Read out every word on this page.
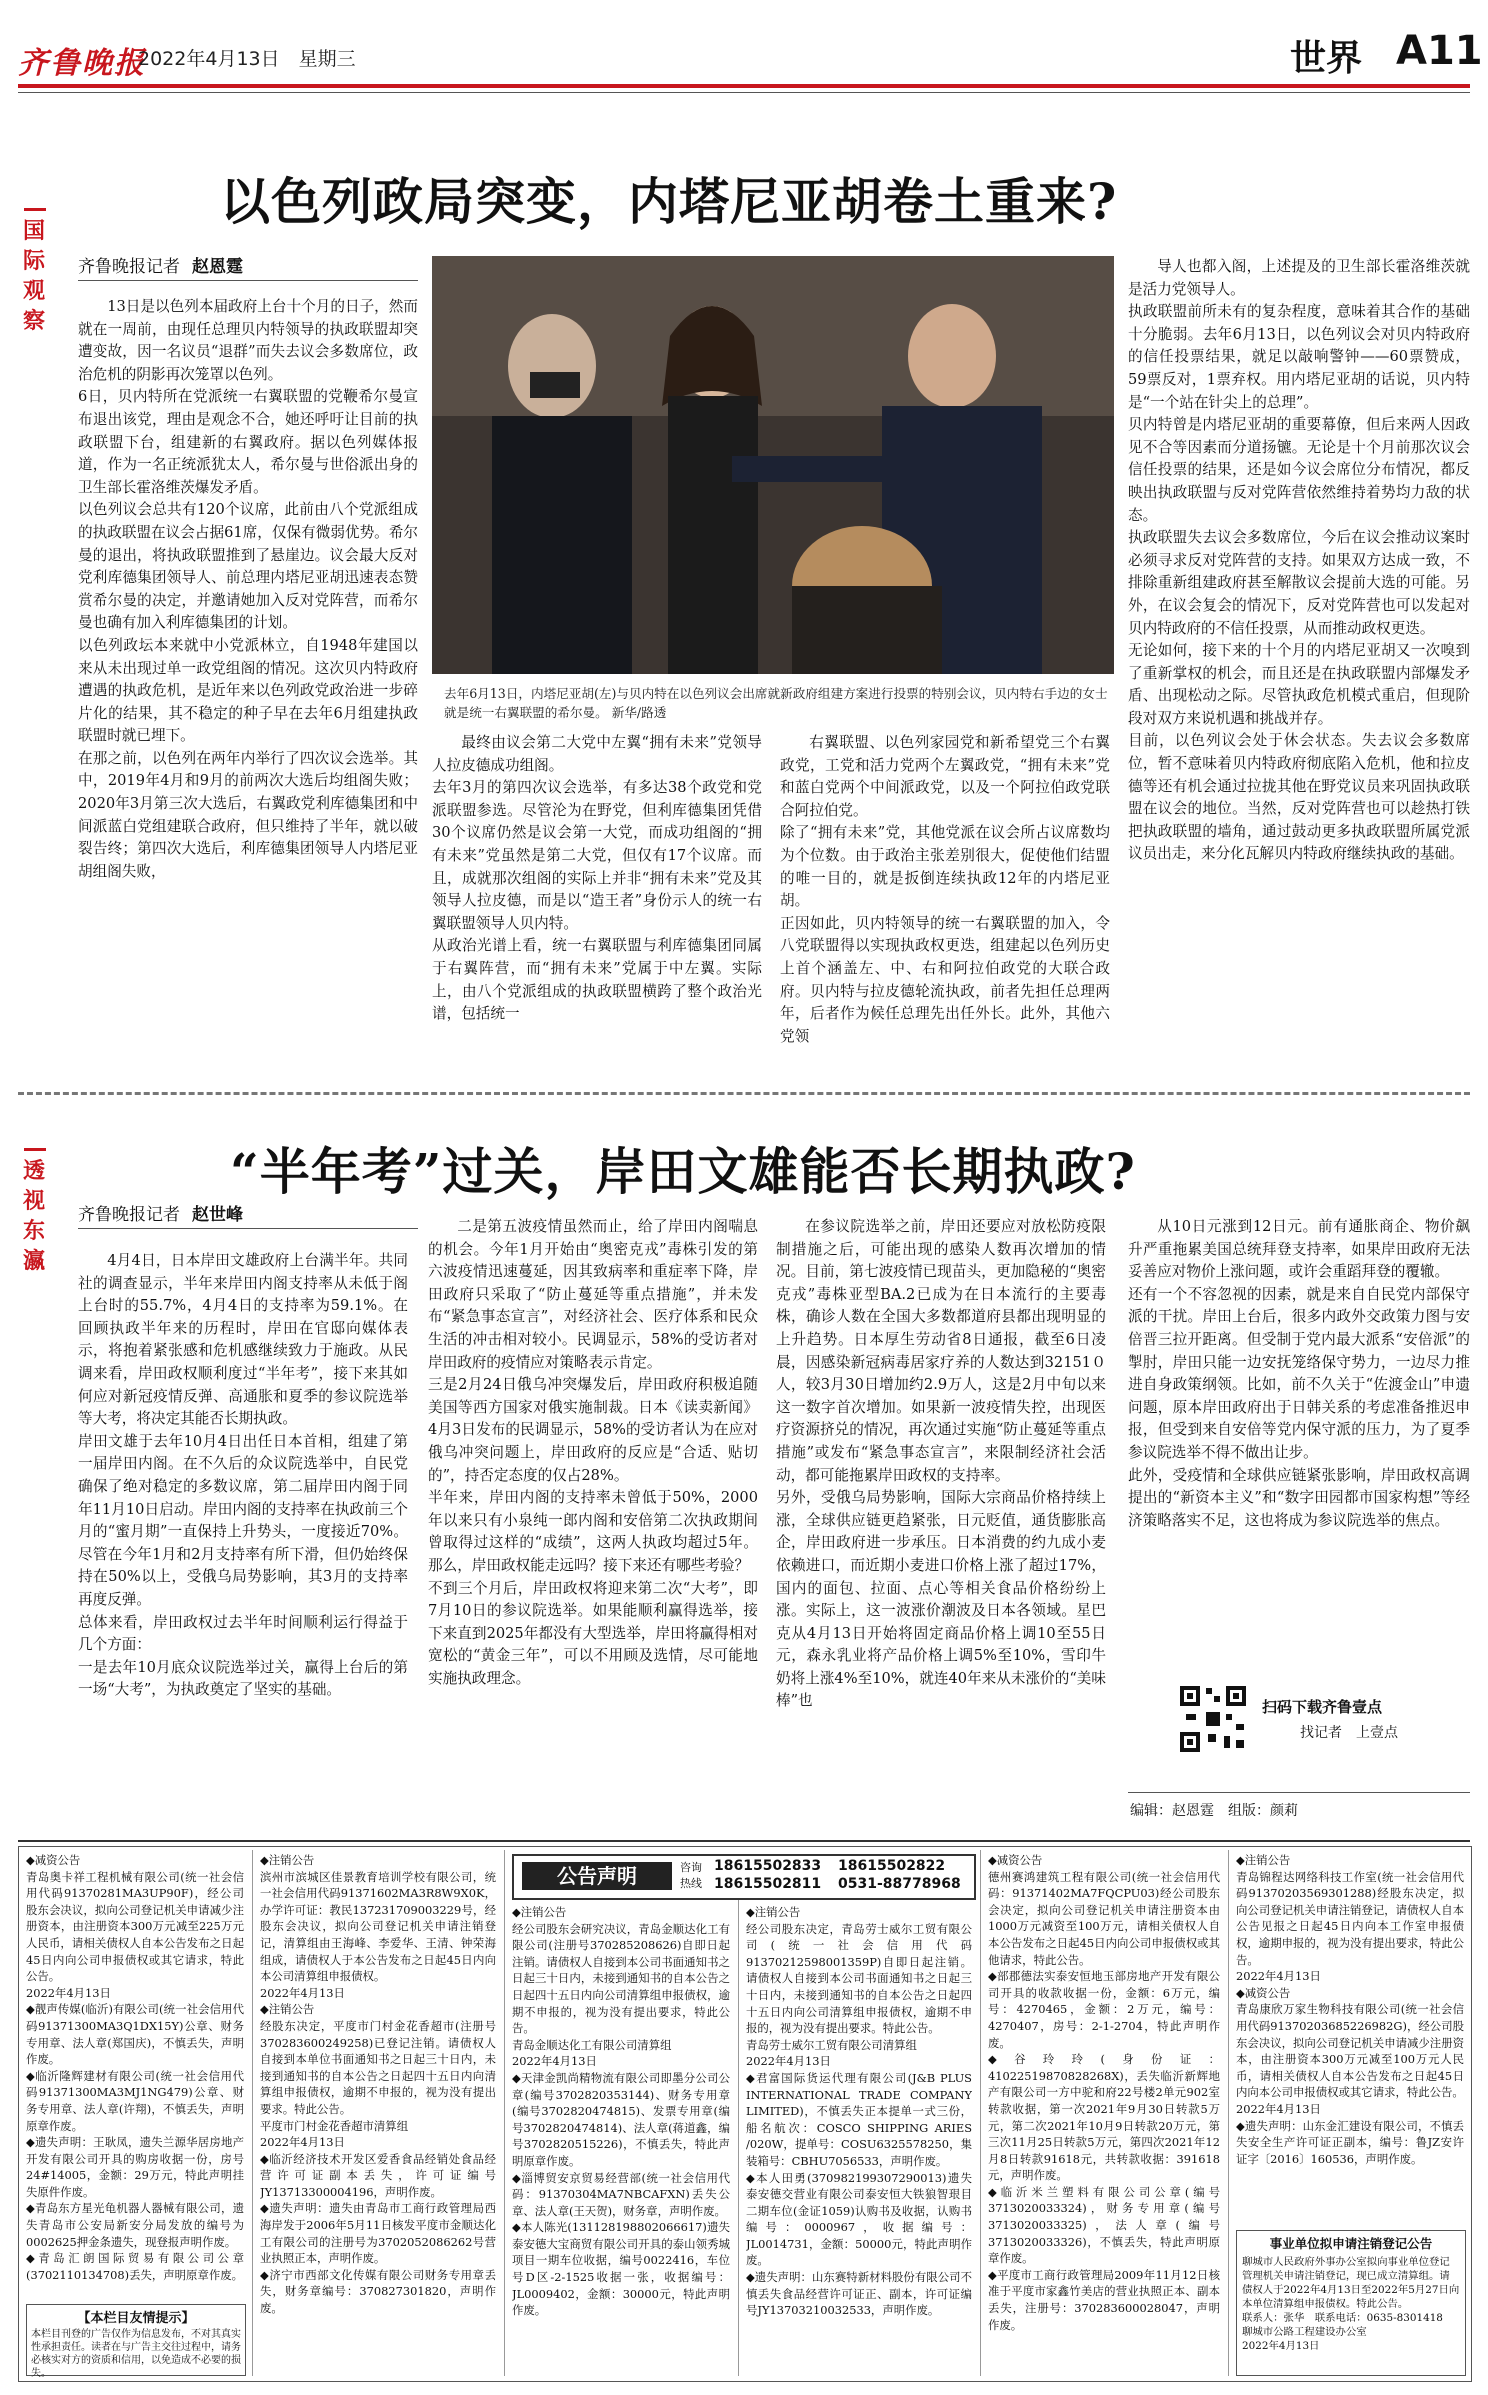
齐鲁晚报
2022年4月13日　星期三	世界 A11
国际观察
以色列政局突变，内塔尼亚胡卷土重来?
齐鲁晚报记者 赵恩霆
13日是以色列本届政府上台十个月的日子，然而就在一周前，由现任总理贝内特领导的执政联盟却突遭变故，因一名议员“退群”而失去议会多数席位，政治危机的阴影再次笼罩以色列。
6日，贝内特所在党派统一右翼联盟的党鞭希尔曼宣布退出该党，理由是观念不合，她还呼吁让目前的执政联盟下台，组建新的右翼政府。据以色列媒体报道，作为一名正统派犹太人，希尔曼与世俗派出身的卫生部长霍洛维茨爆发矛盾。
以色列议会总共有120个议席，此前由八个党派组成的执政联盟在议会占据61席，仅保有微弱优势。希尔曼的退出，将执政联盟推到了悬崖边。议会最大反对党利库德集团领导人、前总理内塔尼亚胡迅速表态赞赏希尔曼的决定，并邀请她加入反对党阵营，而希尔曼也确有加入利库德集团的计划。
以色列政坛本来就中小党派林立，自1948年建国以来从未出现过单一政党组阁的情况。这次贝内特政府遭遇的执政危机，是近年来以色列政党政治进一步碎片化的结果，其不稳定的种子早在去年6月组建执政联盟时就已埋下。
在那之前，以色列在两年内举行了四次议会选举。其中，2019年4月和9月的前两次大选后均组阁失败；2020年3月第三次大选后，右翼政党利库德集团和中间派蓝白党组建联合政府，但只维持了半年，就以破裂告终；第四次大选后，利库德集团领导人内塔尼亚胡组阁失败，
去年6月13日，内塔尼亚胡(左)与贝内特在以色列议会出席就新政府组建方案进行投票的特别会议，贝内特右手边的女士就是统一右翼联盟的希尔曼。 新华/路透
最终由议会第二大党中左翼“拥有未来”党领导人拉皮德成功组阁。
去年3月的第四次议会选举，有多达38个政党和党派联盟参选。尽管沦为在野党，但利库德集团凭借30个议席仍然是议会第一大党，而成功组阁的“拥有未来”党虽然是第二大党，但仅有17个议席。而且，成就那次组阁的实际上并非“拥有未来”党及其领导人拉皮德，而是以“造王者”身份示人的统一右翼联盟领导人贝内特。
从政治光谱上看，统一右翼联盟与利库德集团同属于右翼阵营，而“拥有未来”党属于中左翼。实际上，由八个党派组成的执政联盟横跨了整个政治光谱，包括统一
右翼联盟、以色列家园党和新希望党三个右翼政党，工党和活力党两个左翼政党，“拥有未来”党和蓝白党两个中间派政党，以及一个阿拉伯政党联合阿拉伯党。
除了“拥有未来”党，其他党派在议会所占议席数均为个位数。由于政治主张差别很大，促使他们结盟的唯一目的，就是扳倒连续执政12年的内塔尼亚胡。
正因如此，贝内特领导的统一右翼联盟的加入，令八党联盟得以实现执政权更迭，组建起以色列历史上首个涵盖左、中、右和阿拉伯政党的大联合政府。贝内特与拉皮德轮流执政，前者先担任总理两年，后者作为候任总理先出任外长。此外，其他六党领
导人也都入阁，上述提及的卫生部长霍洛维茨就是活力党领导人。
执政联盟前所未有的复杂程度，意味着其合作的基础十分脆弱。去年6月13日，以色列议会对贝内特政府的信任投票结果，就足以敲响警钟——60票赞成，59票反对，1票弃权。用内塔尼亚胡的话说，贝内特是“一个站在针尖上的总理”。
贝内特曾是内塔尼亚胡的重要幕僚，但后来两人因政见不合等因素而分道扬镳。无论是十个月前那次议会信任投票的结果，还是如今议会席位分布情况，都反映出执政联盟与反对党阵营依然维持着势均力敌的状态。
执政联盟失去议会多数席位，今后在议会推动议案时必须寻求反对党阵营的支持。如果双方达成一致，不排除重新组建政府甚至解散议会提前大选的可能。另外，在议会复会的情况下，反对党阵营也可以发起对贝内特政府的不信任投票，从而推动政权更迭。
无论如何，接下来的十个月的内塔尼亚胡又一次嗅到了重新掌权的机会，而且还是在执政联盟内部爆发矛盾、出现松动之际。尽管执政危机模式重启，但现阶段对双方来说机遇和挑战并存。
目前，以色列议会处于休会状态。失去议会多数席位，暂不意味着贝内特政府彻底陷入危机，他和拉皮德等还有机会通过拉拢其他在野党议员来巩固执政联盟在议会的地位。当然，反对党阵营也可以趁热打铁把执政联盟的墙角，通过鼓动更多执政联盟所属党派议员出走，来分化瓦解贝内特政府继续执政的基础。
透视东瀛
“半年考”过关，岸田文雄能否长期执政?
齐鲁晚报记者 赵世峰
4月4日，日本岸田文雄政府上台满半年。共同社的调查显示，半年来岸田内阁支持率从未低于阁上台时的55.7%，4月4日的支持率为59.1%。在回顾执政半年来的历程时，岸田在官邸向媒体表示，将抱着紧张感和危机感继续致力于施政。从民调来看，岸田政权顺利度过“半年考”，接下来其如何应对新冠疫情反弹、高通胀和夏季的参议院选举等大考，将决定其能否长期执政。
岸田文雄于去年10月4日出任日本首相，组建了第一届岸田内阁。在不久后的众议院选举中，自民党确保了绝对稳定的多数议席，第二届岸田内阁于同年11月10日启动。岸田内阁的支持率在执政前三个月的“蜜月期”一直保持上升势头，一度接近70%。尽管在今年1月和2月支持率有所下滑，但仍始终保持在50%以上，受俄乌局势影响，其3月的支持率再度反弹。
总体来看，岸田政权过去半年时间顺利运行得益于几个方面：
一是去年10月底众议院选举过关，赢得上台后的第一场“大考”，为执政奠定了坚实的基础。
二是第五波疫情虽然而止，给了岸田内阁喘息的机会。今年1月开始由“奥密克戎”毒株引发的第六波疫情迅速蔓延，因其致病率和重症率下降，岸田政府只采取了“防止蔓延等重点措施”，并未发布“紧急事态宣言”，对经济社会、医疗体系和民众生活的冲击相对较小。民调显示，58%的受访者对岸田政府的疫情应对策略表示肯定。
三是2月24日俄乌冲突爆发后，岸田政府积极追随美国等西方国家对俄实施制裁。日本《读卖新闻》4月3日发布的民调显示，58%的受访者认为在应对俄乌冲突问题上，岸田政府的反应是“合适、贴切的”，持否定态度的仅占28%。
半年来，岸田内阁的支持率未曾低于50%，2000年以来只有小泉纯一郎内阁和安倍第二次执政期间曾取得过这样的“成绩”，这两人执政均超过5年。那么，岸田政权能走远吗？接下来还有哪些考验？
不到三个月后，岸田政权将迎来第二次“大考”，即7月10日的参议院选举。如果能顺利赢得选举，接下来直到2025年都没有大型选举，岸田将赢得相对宽松的“黄金三年”，可以不用顾及选情，尽可能地实施执政理念。
在参议院选举之前，岸田还要应对放松防疫限制措施之后，可能出现的感染人数再次增加的情况。目前，第七波疫情已现苗头，更加隐秘的“奥密克戎”毒株亚型BA.2已成为在日本流行的主要毒株，确诊人数在全国大多数都道府县都出现明显的上升趋势。日本厚生劳动省8日通报，截至6日凌晨，因感染新冠病毒居家疗养的人数达到32151０人，较3月30日增加约2.9万人，这是2月中旬以来这一数字首次增加。如果新一波疫情失控，出现医疗资源挤兑的情况，再次通过实施“防止蔓延等重点措施”或发布“紧急事态宣言”，来限制经济社会活动，都可能拖累岸田政权的支持率。
另外，受俄乌局势影响，国际大宗商品价格持续上涨，全球供应链更趋紧张，日元贬值，通货膨胀高企，岸田政府进一步承压。日本消费的约九成小麦依赖进口，而近期小麦进口价格上涨了超过17%，国内的面包、拉面、点心等相关食品价格纷纷上涨。实际上，这一波涨价潮波及日本各领域。星巴克从4月13日开始将固定商品价格上调10至55日元，森永乳业将产品价格上调5%至10%，雪印牛奶将上涨4%至10%，就连40年来从未涨价的“美味棒”也
从10日元涨到12日元。前有通胀商企、物价飙升严重拖累美国总统拜登支持率，如果岸田政府无法妥善应对物价上涨问题，或许会重蹈拜登的覆辙。
还有一个不容忽视的因素，就是来自自民党内部保守派的干扰。岸田上台后，很多内政外交政策力图与安倍晋三拉开距离。但受制于党内最大派系“安倍派”的掣肘，岸田只能一边安抚笼络保守势力，一边尽力推进自身政策纲领。比如，前不久关于“佐渡金山”申遗问题，原本岸田政府出于日韩关系的考虑准备推迟申报，但受到来自安倍等党内保守派的压力，为了夏季参议院选举不得不做出让步。
此外，受疫情和全球供应链紧张影响，岸田政权高调提出的“新资本主义”和“数字田园都市国家构想”等经济策略落实不足，这也将成为参议院选举的焦点。
扫码下载齐鲁壹点
找记者　上壹点
编辑：赵恩霆　组版：颜莉
◆减资公告
青岛奥卡祥工程机械有限公司(统一社会信用代码91370281MA3UP90F)，经公司股东会决议，拟向公司登记机关申请减少注册资本，由注册资本300万元减至225万元人民币，请相关债权人自本公告发布之日起45日内向公司申报债权或其它请求，特此公告。
2022年4月13日
◆靓声传媒(临沂)有限公司(统一社会信用代码91371300MA3Q1DX15Y)公章、财务专用章、法人章(郑国庆)，不慎丢失，声明作废。
◆临沂隆辉建材有限公司(统一社会信用代码91371300MA3MJ1NG479)公章、财务专用章、法人章(许翔)，不慎丢失，声明原章作废。
◆遗失声明：王耿凤，遗失兰源华居房地产开发有限公司开具的购房收据一份，房号24#14005，金额：29万元，特此声明挂失原件作废。
◆青岛东方星光龟机器人器械有限公司，遗失青岛市公安局新安分局发放的编号为0002625押金条遗失，现登报声明作废。
◆青岛汇朗国际贸易有限公司公章(3702110134708)丢失，声明原章作废。
【本栏目友情提示】
本栏目刊登的广告仅作为信息发布，不对其真实性承担责任。读者在与广告主交往过程中，请务必核实对方的资质和信用，以免造成不必要的损失。
◆注销公告
滨州市滨城区佳景教育培训学校有限公司，统一社会信用代码91371602MA3R8W9X0K，办学许可证：教民137231709003229号，经股东会决议，拟向公司登记机关申请注销登记，清算组由王海峰、李爱华、王清、钟荣海组成，请债权人于本公告发布之日起45日内向本公司清算组申报债权。
2022年4月13日
◆注销公告
经股东决定，平度市门村金花香超市(注册号370283600249258)已登记注销。请债权人自接到本单位书面通知书之日起三十日内，未接到通知书的自本公告之日起四十五日内向清算组申报债权，逾期不申报的，视为没有提出要求。特此公告。
平度市门村金花香超市清算组
2022年4月13日
◆临沂经济技术开发区爱香食品经销处食品经营许可证副本丢失，许可证编号JY13713300004196，声明作废。
◆遗失声明：遗失由青岛市工商行政管理局西海岸发于2006年5月11日核发平度市金顺达化工有限公司的注册号为3702052086262号营业执照正本，声明作废。
◆济宁市西部文化传媒有限公司财务专用章丢失，财务章编号：370827301820，声明作废。
公告声明	咨询热线
18615502833 18615502822
18615502811 0531-88778968
◆注销公告
经公司股东会研究决议，青岛金顺达化工有限公司(注册号370285208626)自即日起注销。请债权人自接到本公司书面通知书之日起三十日内，未接到通知书的自本公告之日起四十五日内向公司清算组申报债权，逾期不申报的，视为没有提出要求，特此公告。
青岛金顺达化工有限公司清算组
2022年4月13日
◆天津金凯尚精物流有限公司即墨分公司公章(编号3702820353144)、财务专用章(编号3702820474815)、发票专用章(编号3702820474814)、法人章(蒋道鑫，编号3702820515226)，不慎丢失，特此声明原章作废。
◆淄博贸安京贸易经营部(统一社会信用代码：91370304MA7NBCAFXN)丢失公章、法人章(王天贺)，财务章，声明作废。
◆本人陈光(131128198802066617)遗失泰安德大宝商贸有限公司开具的泰山领秀城项目一期车位收据，编号0022416，车位号D区-2-1525收据一张，收据编号：JL0009402，金额：30000元，特此声明作废。
◆注销公告
经公司股东决定，青岛劳士威尔工贸有限公司(统一社会信用代码91370212598001359P)自即日起注销。请债权人自接到本公司书面通知书之日起三十日内，未接到通知书的自本公告之日起四十五日内向公司清算组申报债权，逾期不申报的，视为没有提出要求。特此公告。
青岛劳士威尔工贸有限公司清算组
2022年4月13日
◆君富国际货运代理有限公司(J&B PLUS INTERNATIONAL TRADE COMPANY LIMITED)，不慎丢失正本提单一式三份，船名航次：COSCO SHIPPING ARIES /020W，提单号：COSU6325578250，集装箱号：CBHU7056533，声明作废。
◆本人田勇(370982199307290013)遗失泰安德交营业有限公司泰安恒大铁狼智珢目二期车位(金证1059)认购书及收据，认购书编号：0000967，收据编号：JL0014731，金额：50000元，特此声明作废。
◆遗失声明：山东赛特新材料股份有限公司不慎丢失食品经营许可证正、副本，许可证编号JY13703210032533，声明作废。
◆减资公告
德州赛鸿建筑工程有限公司(统一社会信用代码：91371402MA7FQCPU03)经公司股东会决定，拟向公司登记机关申请注册资本由1000万元减资至100万元，请相关债权人自本公告发布之日起45日内向公司申报债权或其他请求，特此公告。
◆部郡德法实泰安恒地玉部房地产开发有限公司开具的收款收据一份，金额：6万元，编号：4270465，金额：2万元，编号：4270407，房号：2-1-2704，特此声明作废。
◆谷玲玲(身份证：41022519870828268X)，丢失临沂新辉地产有限公司一方中驼和府22号楼2单元902室转款收据，第一次2021年9月30日转款5万元，第二次2021年10月9日转款20万元，第三次11月25日转款5万元，第四次2021年12月8日转款91618元，共转款收据：391618元，声明作废。
◆临沂米兰塑料有限公司公章(编号3713020033324)，财务专用章(编号3713020033325)，法人章(编号3713020033326)，不慎丢失，特此声明原章作废。
◆平度市工商行政管理局2009年11月12日核准于平度市家鑫竹美店的营业执照正本、副本丢失，注册号：370283600028047，声明作废。
◆注销公告
青岛锦程达网络科技工作室(统一社会信用代码91370203569301288)经股东决定，拟向公司登记机关申请注销登记，请债权人自本公告见报之日起45日内向本工作室申报债权，逾期申报的，视为没有提出要求，特此公告。
2022年4月13日
◆减资公告
青岛康欣万家生物科技有限公司(统一社会信用代码91370203685226982G)，经公司股东会决议，拟向公司登记机关申请减少注册资本，由注册资本300万元减至100万元人民币，请相关债权人自本公告发布之日起45日内向本公司申报债权或其它请求，特此公告。
2022年4月13日
◆遗失声明：山东金汇建设有限公司，不慎丢失安全生产许可证正副本，编号：鲁JZ安许证字〔2016〕160536，声明作废。
事业单位拟申请注销登记公告
聊城市人民政府外事办公室拟向事业单位登记管理机关申请注销登记，现已成立清算组。请债权人于2022年4月13日至2022年5月27日向本单位清算组申报债权。特此公告。
联系人：张华　联系电话：0635-8301418
聊城市公路工程建设办公室
2022年4月13日
